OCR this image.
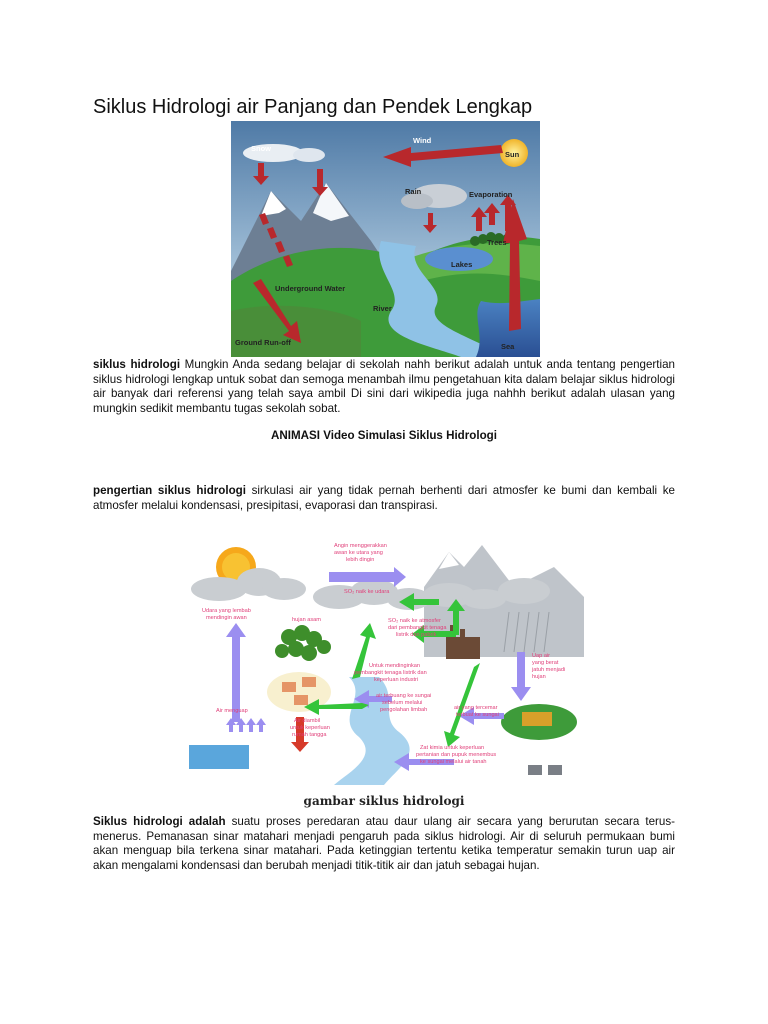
Siklus Hidrologi air Panjang dan Pendek Lengkap
Snow
Wind
Sun
Rain	Evaporation
Trees
Lakes
Underground Water
River
Ground Run-off	Sea

siklus hidrologi Mungkin Anda sedang belajar di sekolah nahh berikut adalah untuk anda tentang pengertian siklus hidrologi lengkap untuk sobat dan semoga menambah ilmu pengetahuan kita dalam belajar siklus hidrologi air banyak dari referensi yang telah saya ambil Di sini dari wikipedia juga nahhh berikut adalah ulasan yang mungkin sedikit membantu tugas sekolah sobat.

ANIMASI Video Simulasi Siklus Hidrologi

pengertian siklus hidrologi sirkulasi air yang tidak pernah berhenti dari atmosfer ke bumi dan kembali ke atmosfer melalui kondensasi, presipitasi, evaporasi dan transpirasi.

Angin menggerakkan
awan ke utara yang
lebih dingin
Udara yang lembab
mendingin awan
SO₂ naik ke udara
hujan asam	SO₂ naik ke atmosfer
dari pembangkit tenaga
listrik dan pabrik
Uap air
yang berat
jatuh menjadi
hujan
Untuk mendinginkan
pembangkit tenaga listrik dan
keperluan industri
air terbuang ke sungai
sebelum melalui
pengolahan limbah
Air menguap
Air diambil
untuk keperluan
rumah tangga
air yang tercemar
terbuat ke sungai
Zat kimia untuk keperluan
pertanian dan pupuk menembus
ke sungai melalui air tanah
gambar siklus hidrologi

Siklus hidrologi adalah suatu proses peredaran atau daur ulang air secara yang berurutan secara terus-menerus. Pemanasan sinar matahari menjadi pengaruh pada siklus hidrologi. Air di seluruh permukaan bumi akan menguap bila terkena sinar matahari. Pada ketinggian tertentu ketika temperatur semakin turun uap air akan mengalami kondensasi dan berubah menjadi titik-titik air dan jatuh sebagai hujan.
